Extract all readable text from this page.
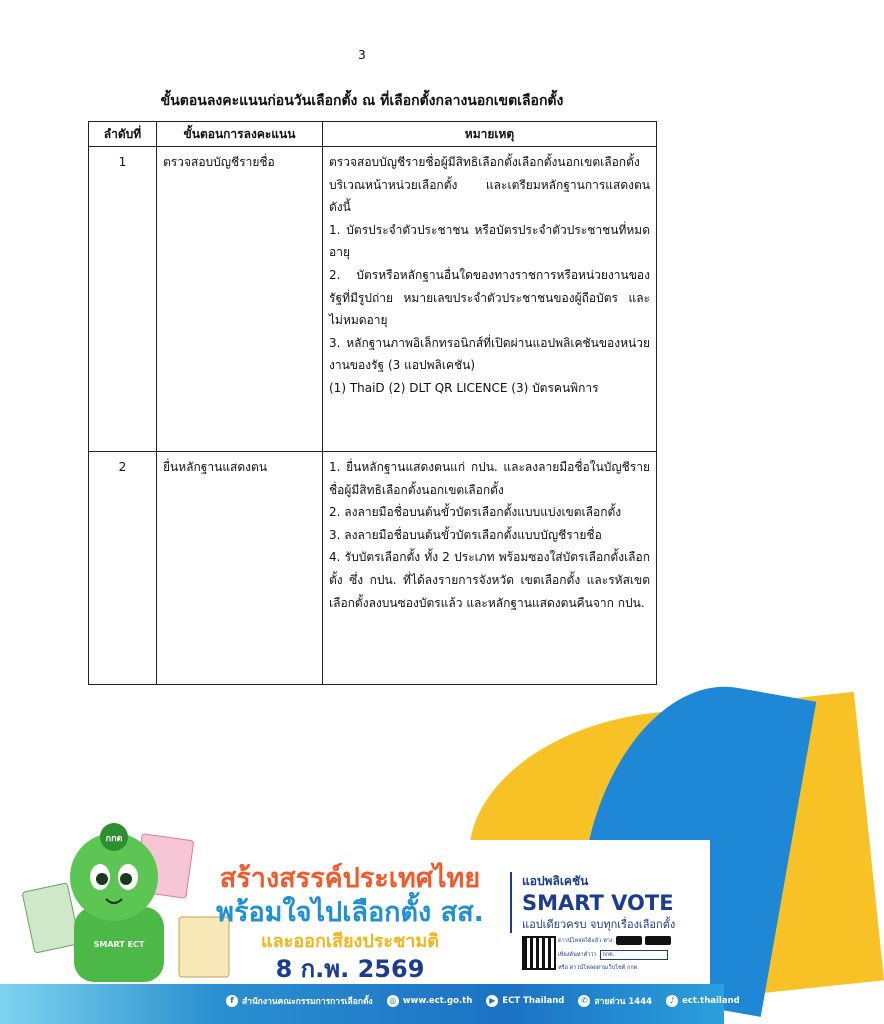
3
ขั้นตอนลงคะแนนก่อนวันเลือกตั้ง ณ ที่เลือกตั้งกลางนอกเขตเลือกตั้ง
ลำดับที่	ขั้นตอนการลงคะแนน	หมายเหตุ
1	ตรวจสอบบัญชีรายชื่อ	ตรวจสอบบัญชีรายชื่อผู้มีสิทธิเลือกตั้งเลือกตั้งนอกเขตเลือกตั้ง บริเวณหน้าหน่วยเลือกตั้ง และเตรียมหลักฐานการแสดงตน ดังนี้

1. บัตรประจำตัวประชาชน หรือบัตรประจำตัวประชาชนที่หมดอายุ

2. บัตรหรือหลักฐานอื่นใดของทางราชการหรือหน่วยงานของรัฐที่มีรูปถ่าย หมายเลขประจำตัวประชาชนของผู้ถือบัตร และไม่หมดอายุ

3. หลักฐานภาพอิเล็กทรอนิกส์ที่เปิดผ่านแอปพลิเคชันของหน่วยงานของรัฐ (3 แอปพลิเคชัน)

(1) ThaiD (2) DLT QR LICENCE (3) บัตรคนพิการ

2	ยื่นหลักฐานแสดงตน	1. ยื่นหลักฐานแสดงตนแก่ กปน. และลงลายมือชื่อในบัญชีรายชื่อผู้มีสิทธิเลือกตั้งนอกเขตเลือกตั้ง

2. ลงลายมือชื่อบนต้นขั้วบัตรเลือกตั้งแบบแบ่งเขตเลือกตั้ง

3. ลงลายมือชื่อบนต้นขั้วบัตรเลือกตั้งแบบบัญชีรายชื่อ

4. รับบัตรเลือกตั้ง ทั้ง 2 ประเภท พร้อมซองใส่บัตรเลือกตั้งเลือกตั้ง ซึ่ง กปน. ที่ได้ลงรายการจังหวัด เขตเลือกตั้ง และรหัสเขตเลือกตั้งลงบนซองบัตรแล้ว และหลักฐานแสดงตนคืนจาก กปน.

กกต
SMART ECT
สร้างสรรค์ประเทศไทย
พร้อมใจไปเลือกตั้ง สส.
และออกเสียงประชามติ
8 ก.พ. 2569
แอปพลิเคชัน
SMART VOTE
แอปเดียวครบ จบทุกเรื่องเลือกตั้ง
ดาวน์โหลดได้แล้ว ทาง
เพียงค้นหาคำว่า	กกต.
หรือ ดาวน์โหลดผ่านเว็บไซต์ กกต.
f สำนักงานคณะกรรมการการเลือกตั้ง	◎ www.ect.go.th	▶ ECT Thailand	✆ สายด่วน 1444	♪ ect.thailand
